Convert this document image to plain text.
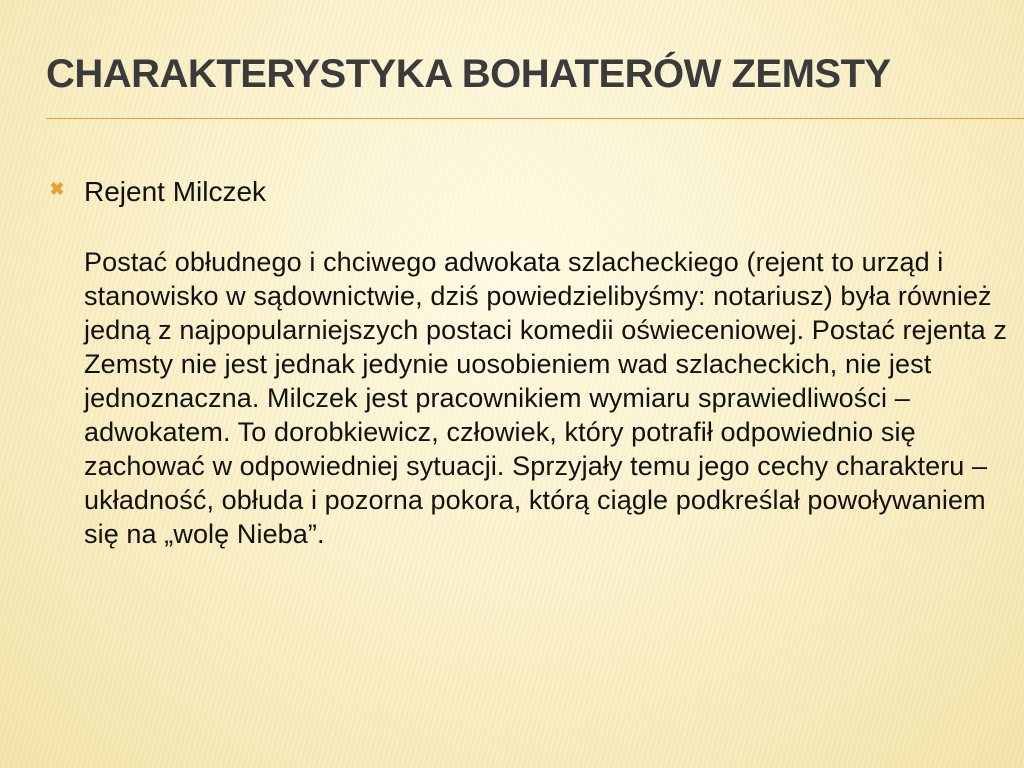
CHARAKTERYSTYKA BOHATERÓW ZEMSTY
✖ Rejent Milczek

Postać obłudnego i chciwego adwokata szlacheckiego (rejent to urząd i stanowisko w sądownictwie, dziś powiedzielibyśmy: notariusz) była również jedną z najpopularniejszych postaci komedii oświeceniowej. Postać rejenta z Zemsty nie jest jednak jedynie uosobieniem wad szlacheckich, nie jest jednoznaczna. Milczek jest pracownikiem wymiaru sprawiedliwości – adwokatem. To dorobkiewicz, człowiek, który potrafił odpowiednio się zachować w odpowiedniej sytuacji. Sprzyjały temu jego cechy charakteru – układność, obłuda i pozorna pokora, którą ciągle podkreślał powoływaniem się na „wolę Nieba”.
